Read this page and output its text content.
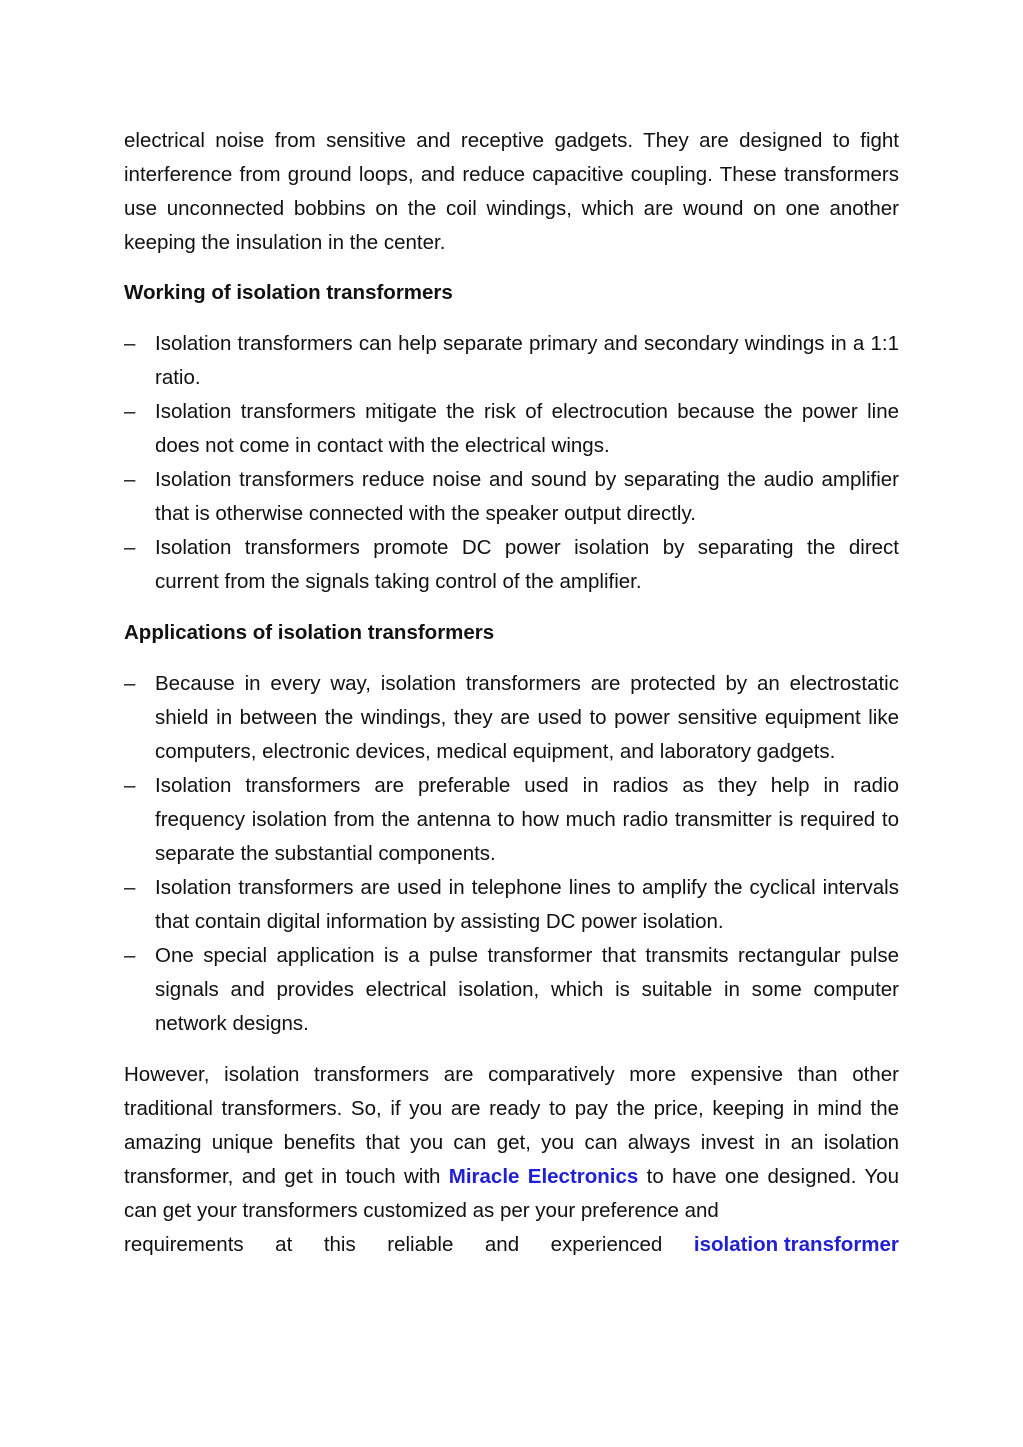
electrical noise from sensitive and receptive gadgets. They are designed to fight interference from ground loops, and reduce capacitive coupling. These transformers use unconnected bobbins on the coil windings, which are wound on one another keeping the insulation in the center.

Working of isolation transformers
– Isolation transformers can help separate primary and secondary windings in a 1:1 ratio.
– Isolation transformers mitigate the risk of electrocution because the power line does not come in contact with the electrical wings.
– Isolation transformers reduce noise and sound by separating the audio amplifier that is otherwise connected with the speaker output directly.
– Isolation transformers promote DC power isolation by separating the direct current from the signals taking control of the amplifier.
Applications of isolation transformers
– Because in every way, isolation transformers are protected by an electrostatic shield in between the windings, they are used to power sensitive equipment like computers, electronic devices, medical equipment, and laboratory gadgets.
– Isolation transformers are preferable used in radios as they help in radio frequency isolation from the antenna to how much radio transmitter is required to separate the substantial components.
– Isolation transformers are used in telephone lines to amplify the cyclical intervals that contain digital information by assisting DC power isolation.
– One special application is a pulse transformer that transmits rectangular pulse signals and provides electrical isolation, which is suitable in some computer network designs.

However, isolation transformers are comparatively more expensive than other traditional transformers. So, if you are ready to pay the price, keeping in mind the amazing unique benefits that you can get, you can always invest in an isolation transformer, and get in touch with Miracle Electronics to have one designed. You can get your transformers customized as per your preference and

requirements at this reliable and experienced isolation transformer
